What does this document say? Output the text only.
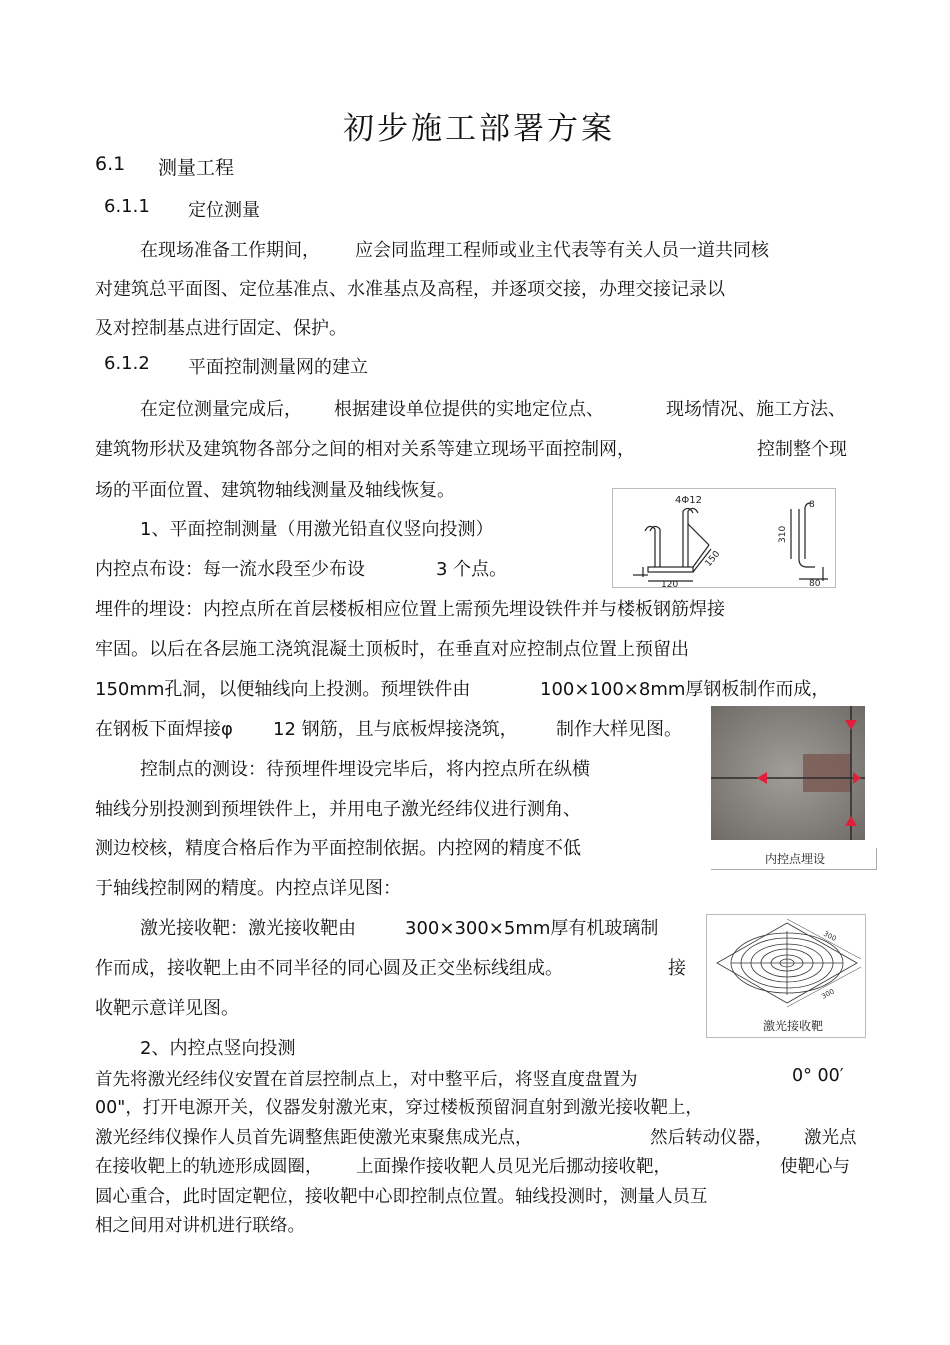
初步施工部署方案
6.1 测量工程
6.1.1 定位测量
在现场准备工作期间， 应会同监理工程师或业主代表等有关人员一道共同核
对建筑总平面图、定位基准点、水准基点及高程，并逐项交接，办理交接记录以
及对控制基点进行固定、保护。
6.1.2 平面控制测量网的建立
在定位测量完成后， 根据建设单位提供的实地定位点、	现场情况、施工方法、
建筑物形状及建筑物各部分之间的相对关系等建立现场平面控制网，	控制整个现
场的平面位置、建筑物轴线测量及轴线恢复。
1、平面控制测量（用激光铅直仪竖向投测）
内控点布设：每一流水段至少布设	3 个点。
埋件的埋设：内控点所在首层楼板相应位置上需预先埋设铁件并与楼板钢筋焊接
牢固。以后在各层施工浇筑混凝土顶板时，在垂直对应控制点位置上预留出
150mm孔洞，以便轴线向上投测。预埋铁件由	100×100×8mm厚钢板制作而成，
在钢板下面焊接φ 12 钢筋，且与底板焊接浇筑， 制作大样见图。
控制点的测设：待预埋件埋设完毕后，将内控点所在纵横
轴线分别投测到预埋铁件上，并用电子激光经纬仪进行测角、
测边校核，精度合格后作为平面控制依据。内控网的精度不低
于轴线控制网的精度。内控点详见图：
激光接收靶：激光接收靶由	300×300×5mm厚有机玻璃制
作而成，接收靶上由不同半径的同心圆及正交坐标线组成。	接
收靶示意详见图。
2、内控点竖向投测
首先将激光经纬仪安置在首层控制点上，对中整平后，将竖直度盘置为	0° 00′
00"，打开电源开关，仪器发射激光束，穿过楼板预留洞直射到激光接收靶上，
激光经纬仪操作人员首先调整焦距使激光束聚焦成光点，	然后转动仪器， 激光点
在接收靶上的轨迹形成圆圈， 上面操作接收靶人员见光后挪动接收靶，	使靶心与
圆心重合，此时固定靶位，接收靶中心即控制点位置。轴线投测时，测量人员互
相之间用对讲机进行联络。
4Φ12
150
120
8
310
80
内控点埋设
300
300
激光接收靶
